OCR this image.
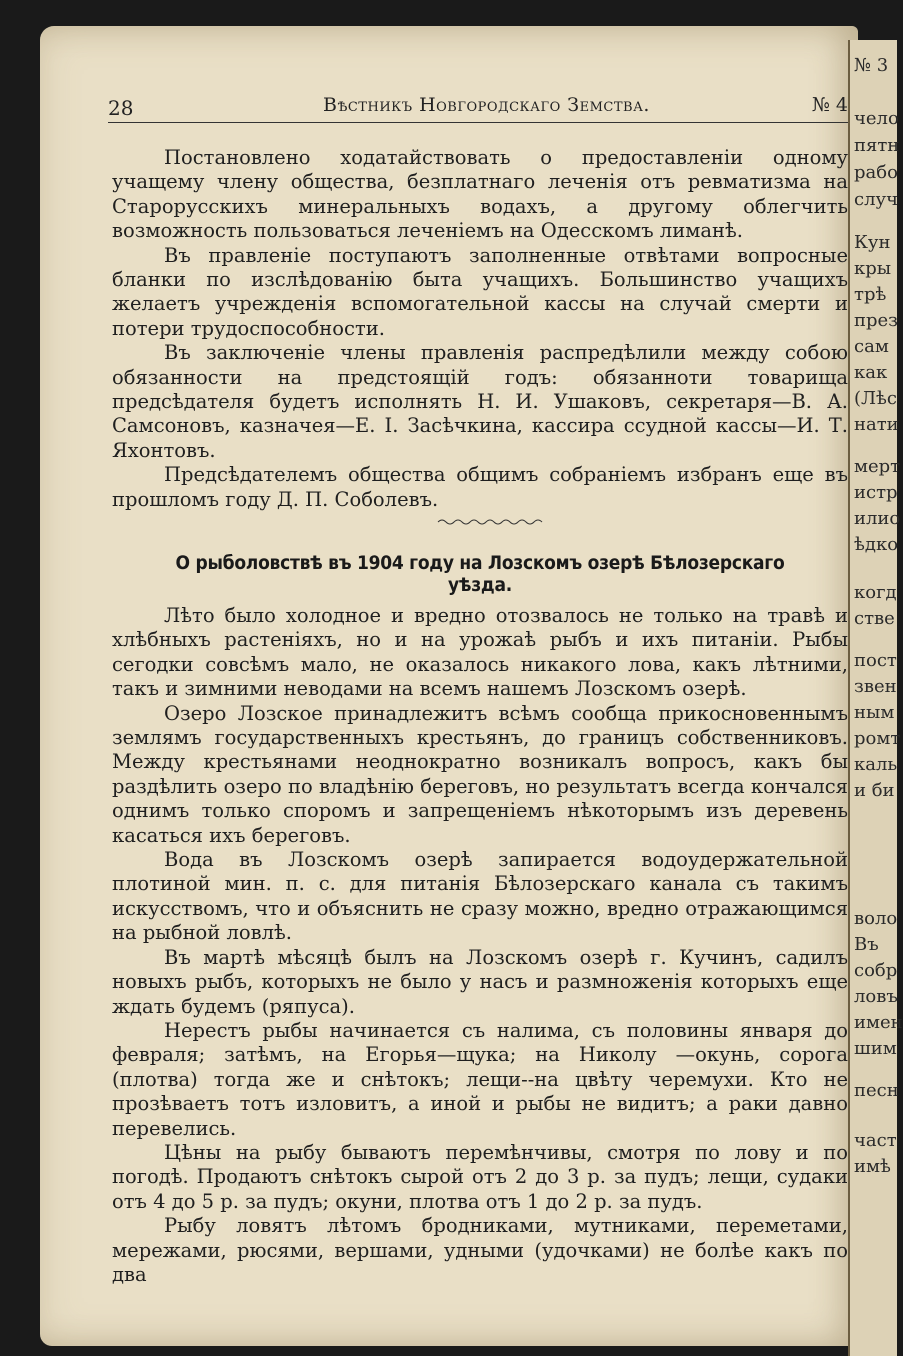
№ 3
чело
пятн
рабо
случ
Кун
кры
трѣ
през
сам
как
(Лѣс
нати
мерт
истр
илио
ѣдко
когд
стве
пост
звен
ным
ромт
каль
и би
воло
Въ
собр
ловъ
имен
шим
песн
част
имѣ
28	Вѣстникъ Новгородскаго Земства.	№ 4

Постановлено ходатайствовать о предоставленіи одному учащему члену общества, безплатнаго леченія отъ ревматизма на Старорусскихъ минеральныхъ водахъ, а другому облегчить возможность пользоваться леченіемъ на Одесскомъ лиманѣ.

Въ правленіе поступаютъ заполненные отвѣтами вопросные бланки по изслѣдованію быта учащихъ. Большинство учащихъ желаетъ учрежденія вспомогательной кассы на случай смерти и потери трудоспособности.

Въ заключеніе члены правленія распредѣлили между собою обязанности на предстоящій годъ: обязанноти товарища предсѣдателя будетъ исполнять Н. И. Ушаковъ, секретаря—В. А. Самсоновъ, казначея—Е. І. Засѣчкина, кассира ссудной кассы—И. Т. Яхонтовъ.

Предсѣдателемъ общества общимъ собраніемъ избранъ еще въ прошломъ году Д. П. Соболевъ.

О рыболовствѣ въ 1904 году на Лозскомъ озерѣ Бѣлозерскаго уѣзда.

Лѣто было холодное и вредно отозвалось не только на травѣ и хлѣбныхъ растеніяхъ, но и на урожаѣ рыбъ и ихъ питаніи. Рыбы сегодки совсѣмъ мало, не оказалось никакого лова, какъ лѣтними, такъ и зимними неводами на всемъ нашемъ Лозскомъ озерѣ.

Озеро Лозское принадлежитъ всѣмъ сообща прикосновеннымъ землямъ государственныхъ крестьянъ, до границъ собственниковъ. Между крестьянами неоднократно возникалъ вопросъ, какъ бы раздѣлить озеро по владѣнію береговъ, но результатъ всегда кончался однимъ только споромъ и запрещеніемъ нѣкоторымъ изъ деревень касаться ихъ береговъ.

Вода въ Лозскомъ озерѣ запирается водоудержательной плотиной мин. п. с. для питанія Бѣлозерскаго канала съ такимъ искусствомъ, что и объяснить не сразу можно, вредно отражающимся на рыбной ловлѣ.

Въ мартѣ мѣсяцѣ былъ на Лозскомъ озерѣ г. Кучинъ, садилъ новыхъ рыбъ, которыхъ не было у насъ и размноженія которыхъ еще ждать будемъ (ряпуса).

Нерестъ рыбы начинается съ налима, съ половины января до февраля; затѣмъ, на Егорья—щука; на Николу —окунь, сорога (плотва) тогда же и снѣтокъ; лещи--на цвѣту черемухи. Кто не прозѣваетъ тотъ изловитъ, а иной и рыбы не видитъ; а раки давно перевелись.

Цѣны на рыбу бываютъ перемѣнчивы, смотря по лову и по погодѣ. Продаютъ снѣтокъ сырой отъ 2 до 3 р. за пудъ; лещи, судаки отъ 4 до 5 р. за пудъ; окуни, плотва отъ 1 до 2 р. за пудъ.

Рыбу ловятъ лѣтомъ бродниками, мутниками, переметами, мережами, рюсями, вершами, удными (удочками) не болѣе какъ по два
